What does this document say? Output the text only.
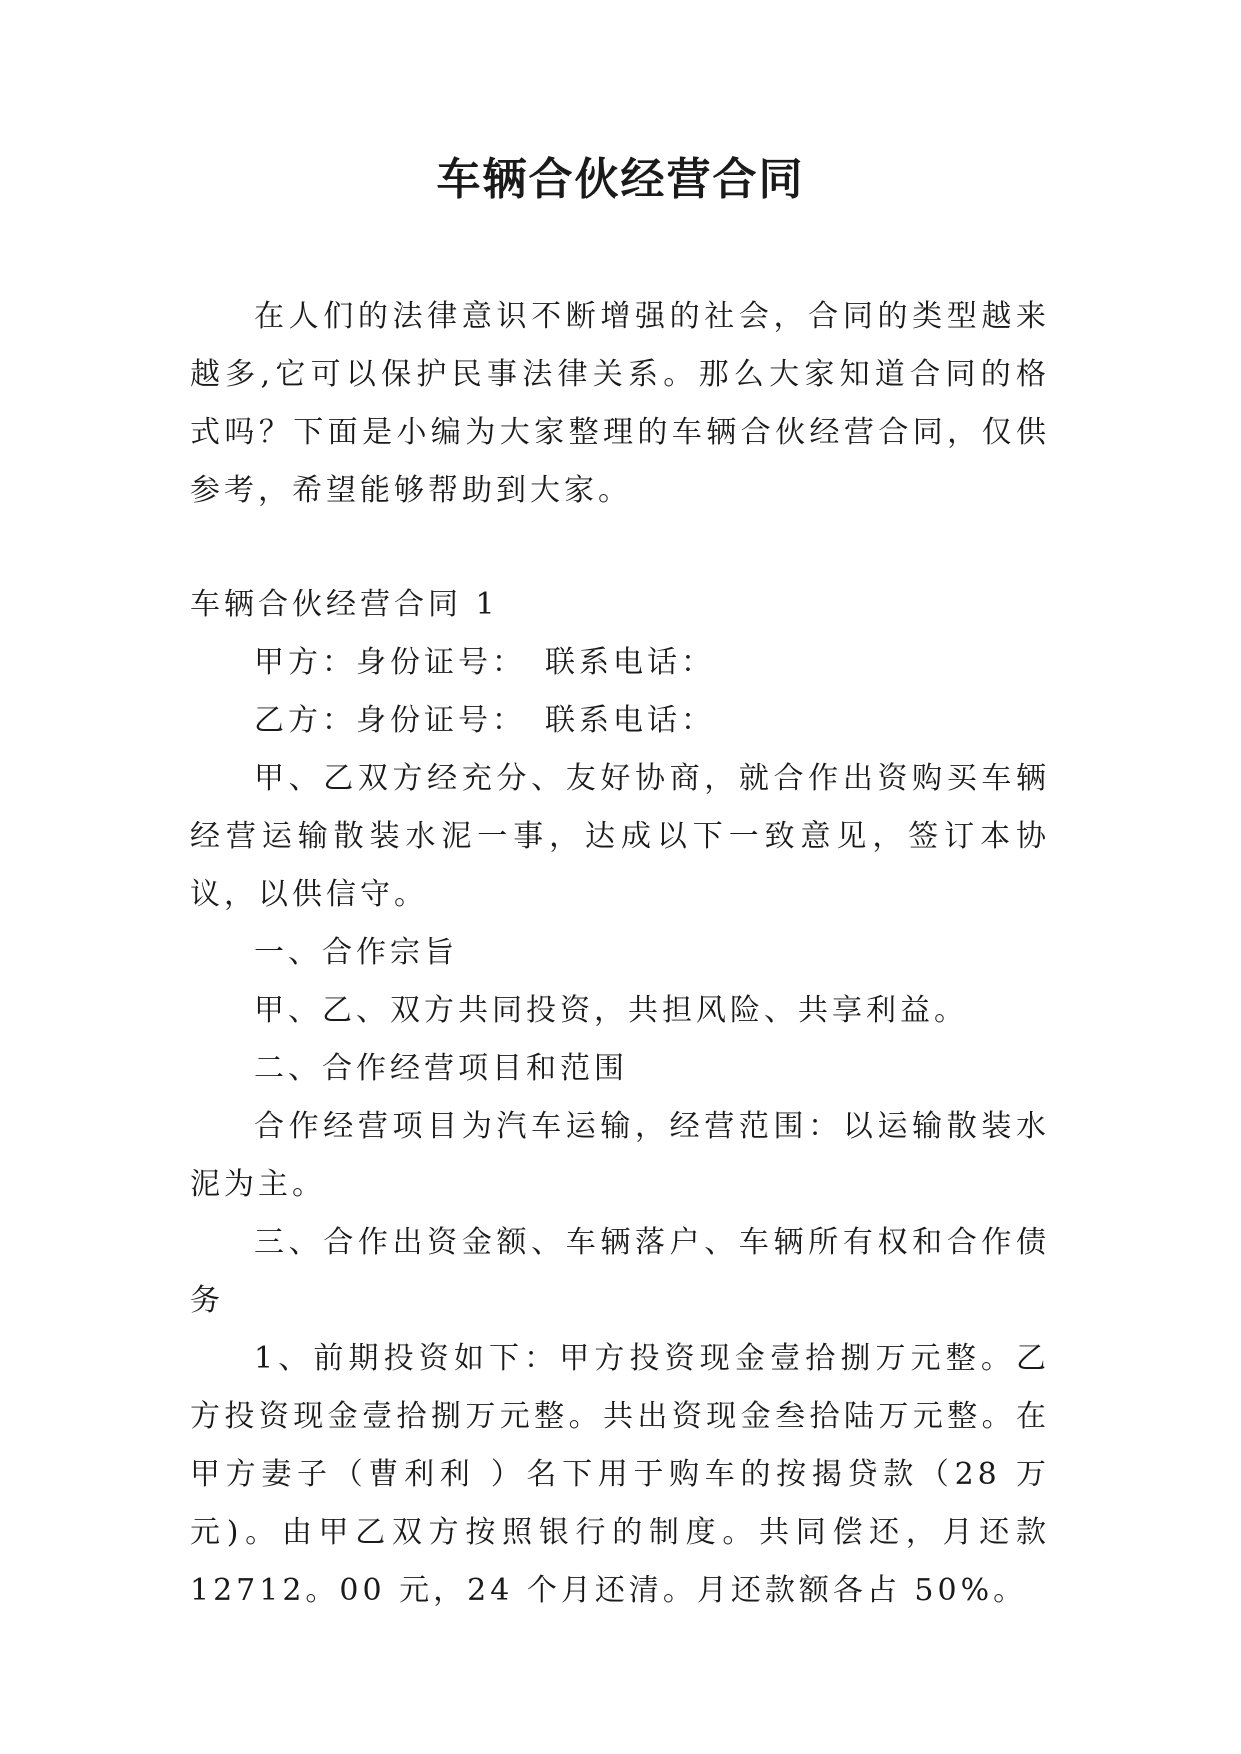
车辆合伙经营合同

在人们的法律意识不断增强的社会，合同的类型越来越多,它可以保护民事法律关系。那么大家知道合同的格式吗？下面是小编为大家整理的车辆合伙经营合同，仅供参考，希望能够帮助到大家。

车辆合伙经营合同 1

甲方：身份证号：　联系电话：

乙方：身份证号：　联系电话：

甲、乙双方经充分、友好协商，就合作出资购买车辆经营运输散装水泥一事，达成以下一致意见，签订本协议，以供信守。

一、合作宗旨

甲、乙、双方共同投资，共担风险、共享利益。

二、合作经营项目和范围

合作经营项目为汽车运输，经营范围：以运输散装水泥为主。

三、合作出资金额、车辆落户、车辆所有权和合作债务

1、前期投资如下：甲方投资现金壹拾捌万元整。乙方投资现金壹拾捌万元整。共出资现金叁拾陆万元整。在甲方妻子（曹利利 ）名下用于购车的按揭贷款（28 万元)。由甲乙双方按照银行的制度。共同偿还，月还款 12712。00 元，24 个月还清。月还款额各占 50%。
